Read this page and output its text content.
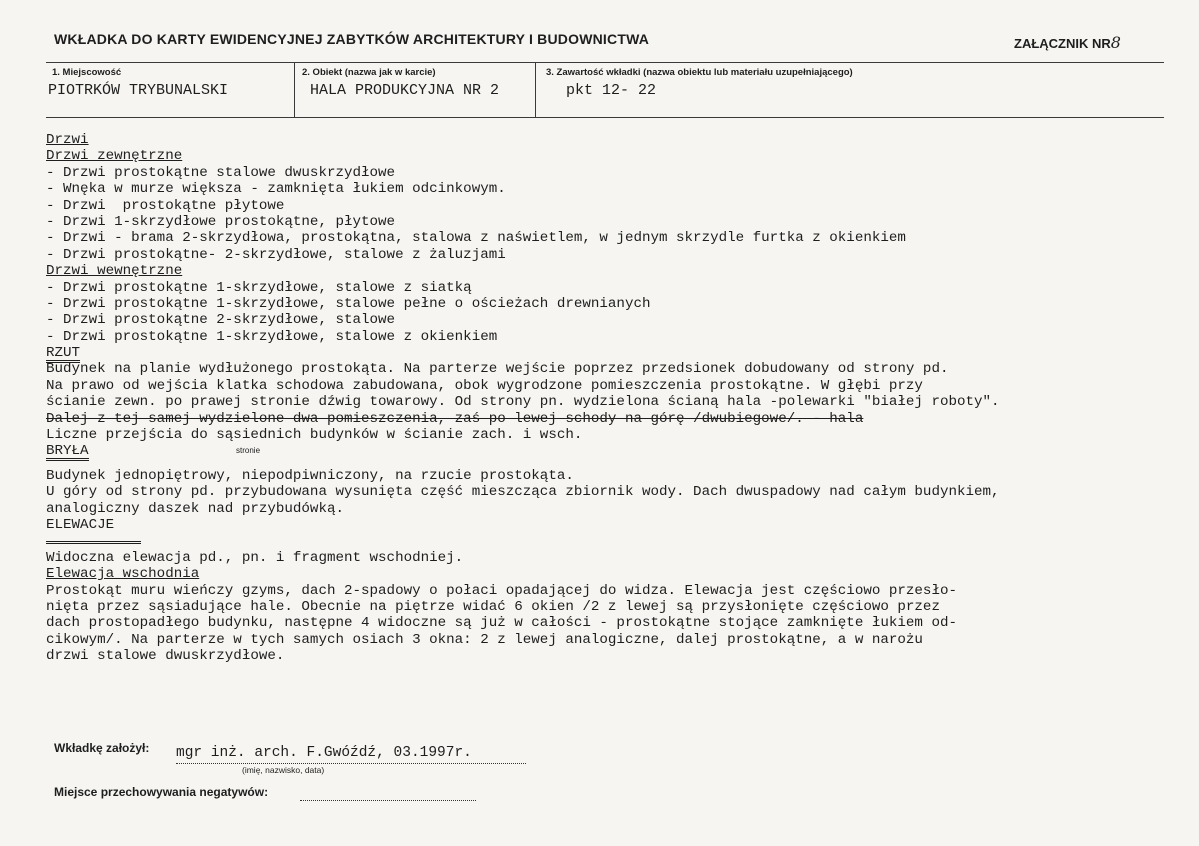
WKŁADKA DO KARTY EWIDENCYJNEJ ZABYTKÓW ARCHITEKTURY I BUDOWNICTWA	ZAŁĄCZNIK NR8
1. Miejscowość
PIOTRKÓW TRYBUNALSKI
2. Obiekt (nazwa jak w karcie)
HALA PRODUKCYJNA NR 2
3. Zawartość wkładki (nazwa obiektu lub materiału uzupełniającego)
pkt 12- 22
Drzwi
Drzwi zewnętrzne
- Drzwi prostokątne stalowe dwuskrzydłowe
- Wnęka w murze większa - zamknięta łukiem odcinkowym.
- Drzwi  prostokątne płytowe
- Drzwi 1-skrzydłowe prostokątne, płytowe
- Drzwi - brama 2-skrzydłowa, prostokątna, stalowa z naświetlem, w jednym skrzydle furtka z okienkiem
- Drzwi prostokątne- 2-skrzydłowe, stalowe z żaluzjami
Drzwi wewnętrzne
- Drzwi prostokątne 1-skrzydłowe, stalowe z siatką
- Drzwi prostokątne 1-skrzydłowe, stalowe pełne o ościeżach drewnianych
- Drzwi prostokątne 2-skrzydłowe, stalowe
- Drzwi prostokątne 1-skrzydłowe, stalowe z okienkiem
RZUT
Budynek na planie wydłużonego prostokąta. Na parterze wejście poprzez przedsionek dobudowany od strony pd.
Na prawo od wejścia klatka schodowa zabudowana, obok wygrodzone pomieszczenia prostokątne. W głębi przy
ścianie zewn. po prawej stronie dźwig towarowy. Od strony pn. wydzielona ścianą hala -polewarki "białej roboty".
Dalej z tej samej wydzielone dwa pomieszczenia, zaś po lewej schody na górę /dwubiegowe/. - hala
Liczne przejścia do sąsiednich budynków w ścianie zach. i wsch.
BRYŁA
Budynek jednopiętrowy, niepodpiwniczony, na rzucie prostokąta.
U góry od strony pd. przybudowana wysunięta część mieszcząca zbiornik wody. Dach dwuspadowy nad całym budynkiem,
analogiczny daszek nad przybudówką.
ELEWACJE
Widoczna elewacja pd., pn. i fragment wschodniej.
Elewacja wschodnia
Prostokąt muru wieńczy gzyms, dach 2-spadowy o połaci opadającej do widza. Elewacja jest częściowo przesło-
nięta przez sąsiadujące hale. Obecnie na piętrze widać 6 okien /2 z lewej są przysłonięte częściowo przez
dach prostopadłego budynku, następne 4 widoczne są już w całości - prostokątne stojące zamknięte łukiem od-
cikowym/. Na parterze w tych samych osiach 3 okna: 2 z lewej analogiczne, dalej prostokątne, a w narożu
drzwi stalowe dwuskrzydłowe.
stronie
Wkładkę założył: mgr inż. arch. F.Gwóźdź, 03.1997r.
(imię, nazwisko, data)
Miejsce przechowywania negatywów:
